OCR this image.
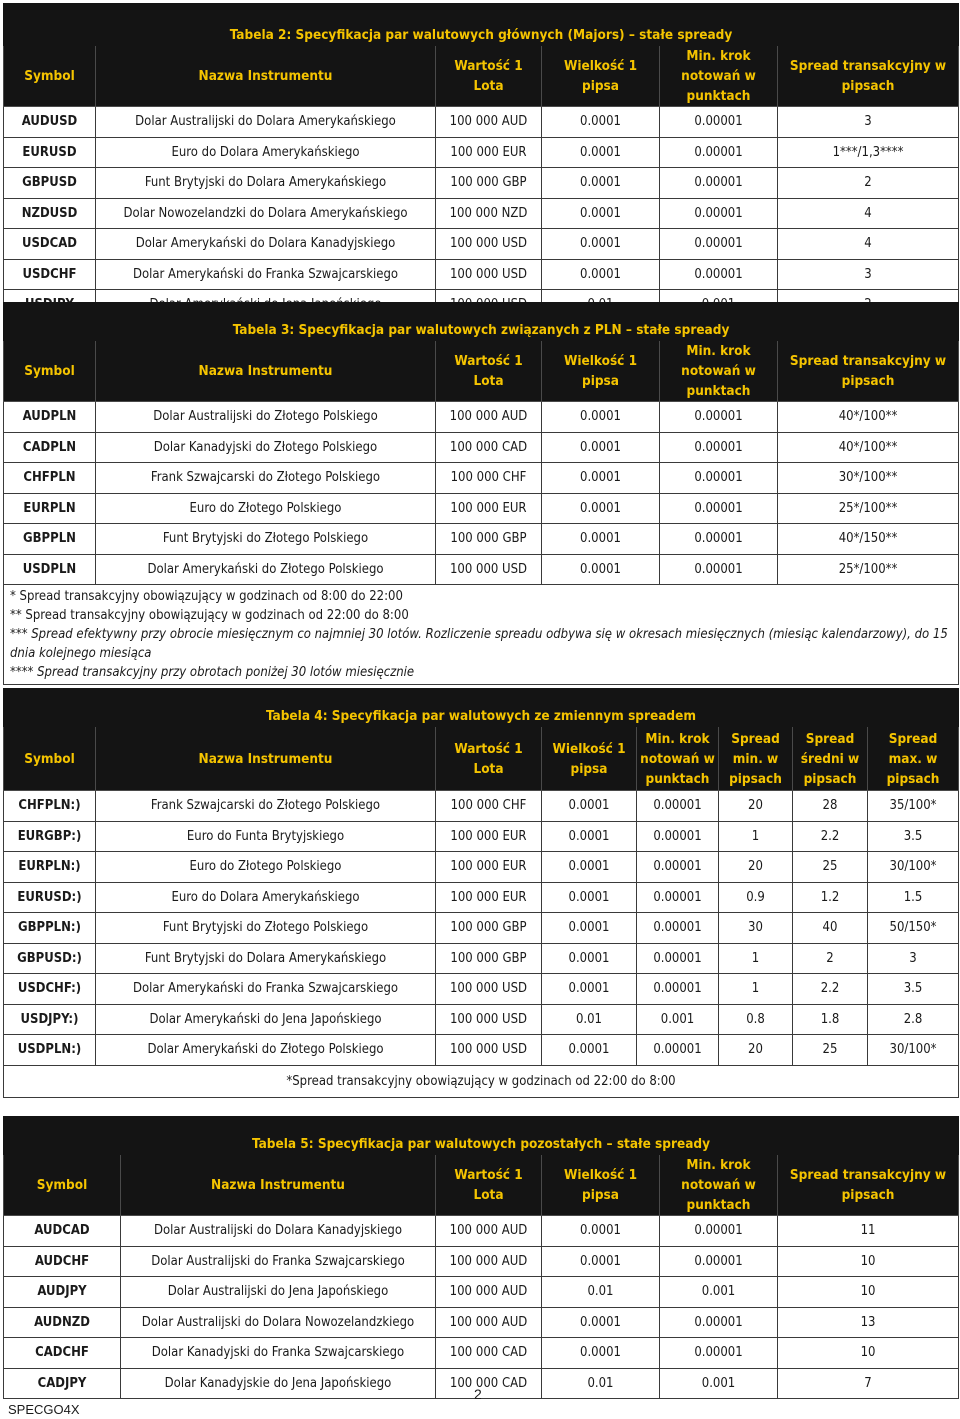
Tabela 2: Specyfikacja par walutowych głównych (Majors) – stałe spready					
Symbol	Nazwa Instrumentu	Wartość 1 Lota	Wielkość 1 pipsa	Min. krok notowań w punktach	Spread transakcyjny w pipsach
AUDUSD	Dolar Australijski do Dolara Amerykańskiego	100 000 AUD	0.0001	0.00001	3
EURUSD	Euro do Dolara Amerykańskiego	100 000 EUR	0.0001	0.00001	1***/1,3****
GBPUSD	Funt Brytyjski do Dolara Amerykańskiego	100 000 GBP	0.0001	0.00001	2
NZDUSD	Dolar Nowozelandzki do Dolara Amerykańskiego	100 000 NZD	0.0001	0.00001	4
USDCAD	Dolar Amerykański do Dolara Kanadyjskiego	100 000 USD	0.0001	0.00001	4
USDCHF	Dolar Amerykański do Franka Szwajcarskiego	100 000 USD	0.0001	0.00001	3

Tabela 3: Specyfikacja par walutowych związanych z PLN – stałe spready					
Symbol	Nazwa Instrumentu	Wartość 1 Lota	Wielkość 1 pipsa	Min. krok notowań w punktach	Spread transakcyjny w pipsach
AUDPLN	Dolar Australijski do Złotego Polskiego	100 000 AUD	0.0001	0.00001	40*/100**
CADPLN	Dolar Kanadyjski do Złotego Polskiego	100 000 CAD	0.0001	0.00001	40*/100**
CHFPLN	Frank Szwajcarski do Złotego Polskiego	100 000 CHF	0.0001	0.00001	30*/100**
EURPLN	Euro do Złotego Polskiego	100 000 EUR	0.0001	0.00001	25*/100**
GBPPLN	Funt Brytyjski do Złotego Polskiego	100 000 GBP	0.0001	0.00001	40*/150**
USDPLN	Dolar Amerykański do Złotego Polskiego	100 000 USD	0.0001	0.00001	25*/100**

* Spread transakcyjny obowiązujący w godzinach od 8:00 do 22:00
** Spread transakcyjny obowiązujący w godzinach od 22:00 do 8:00
*** Spread efektywny przy obrocie miesięcznym co najmniej 30 lotów. Rozliczenie spreadu odbywa się w okresach miesięcznych (miesiąc kalendarzowy), do 15 dnia kolejnego miesiąca
**** Spread transakcyjny przy obrotach poniżej 30 lotów miesięcznie					
Tabela 4: Specyfikacja par walutowych ze zmiennym spreadem							
Symbol	Nazwa Instrumentu	Wartość 1 Lota	Wielkość 1 pipsa	Min. krok notowań w punktach	Spread min. w pipsach	Spread średni w pipsach	Spread max. w pipsach
CHFPLN:)	Frank Szwajcarski do Złotego Polskiego	100 000 CHF	0.0001	0.00001	20	28	35/100*
EURGBP:)	Euro do Funta Brytyjskiego	100 000 EUR	0.0001	0.00001	1	2.2	3.5
EURPLN:)	Euro do Złotego Polskiego	100 000 EUR	0.0001	0.00001	20	25	30/100*
EURUSD:)	Euro do Dolara Amerykańskiego	100 000 EUR	0.0001	0.00001	0.9	1.2	1.5
GBPPLN:)	Funt Brytyjski do Złotego Polskiego	100 000 GBP	0.0001	0.00001	30	40	50/150*
GBPUSD:)	Funt Brytyjski do Dolara Amerykańskiego	100 000 GBP	0.0001	0.00001	1	2	3
USDCHF:)	Dolar Amerykański do Franka Szwajcarskiego	100 000 USD	0.0001	0.00001	1	2.2	3.5
USDJPY:)	Dolar Amerykański do Jena Japońskiego	100 000 USD	0.01	0.001	0.8	1.8	2.8
USDPLN:)	Dolar Amerykański do Złotego Polskiego	100 000 USD	0.0001	0.00001	20	25	30/100*
*Spread transakcyjny obowiązujący w godzinach od 22:00 do 8:00							
Tabela 5: Specyfikacja par walutowych pozostałych – stałe spready					
Symbol	Nazwa Instrumentu	Wartość 1 Lota	Wielkość 1 pipsa	Min. krok notowań w punktach	Spread transakcyjny w pipsach
AUDCAD	Dolar Australijski do Dolara Kanadyjskiego	100 000 AUD	0.0001	0.00001	11
AUDCHF	Dolar Australijski do Franka Szwajcarskiego	100 000 AUD	0.0001	0.00001	10
AUDJPY	Dolar Australijski do Jena Japońskiego	100 000 AUD	0.01	0.001	10
AUDNZD	Dolar Australijski do Dolara Nowozelandzkiego	100 000 AUD	0.0001	0.00001	13
CADCHF	Dolar Kanadyjski do Franka Szwajcarskiego	100 000 CAD	0.0001	0.00001	10
CADJPY	Dolar Kanadyjskie do Jena Japońskiego	100 000 CAD	0.01	0.001	7
2
SPECGO4X
